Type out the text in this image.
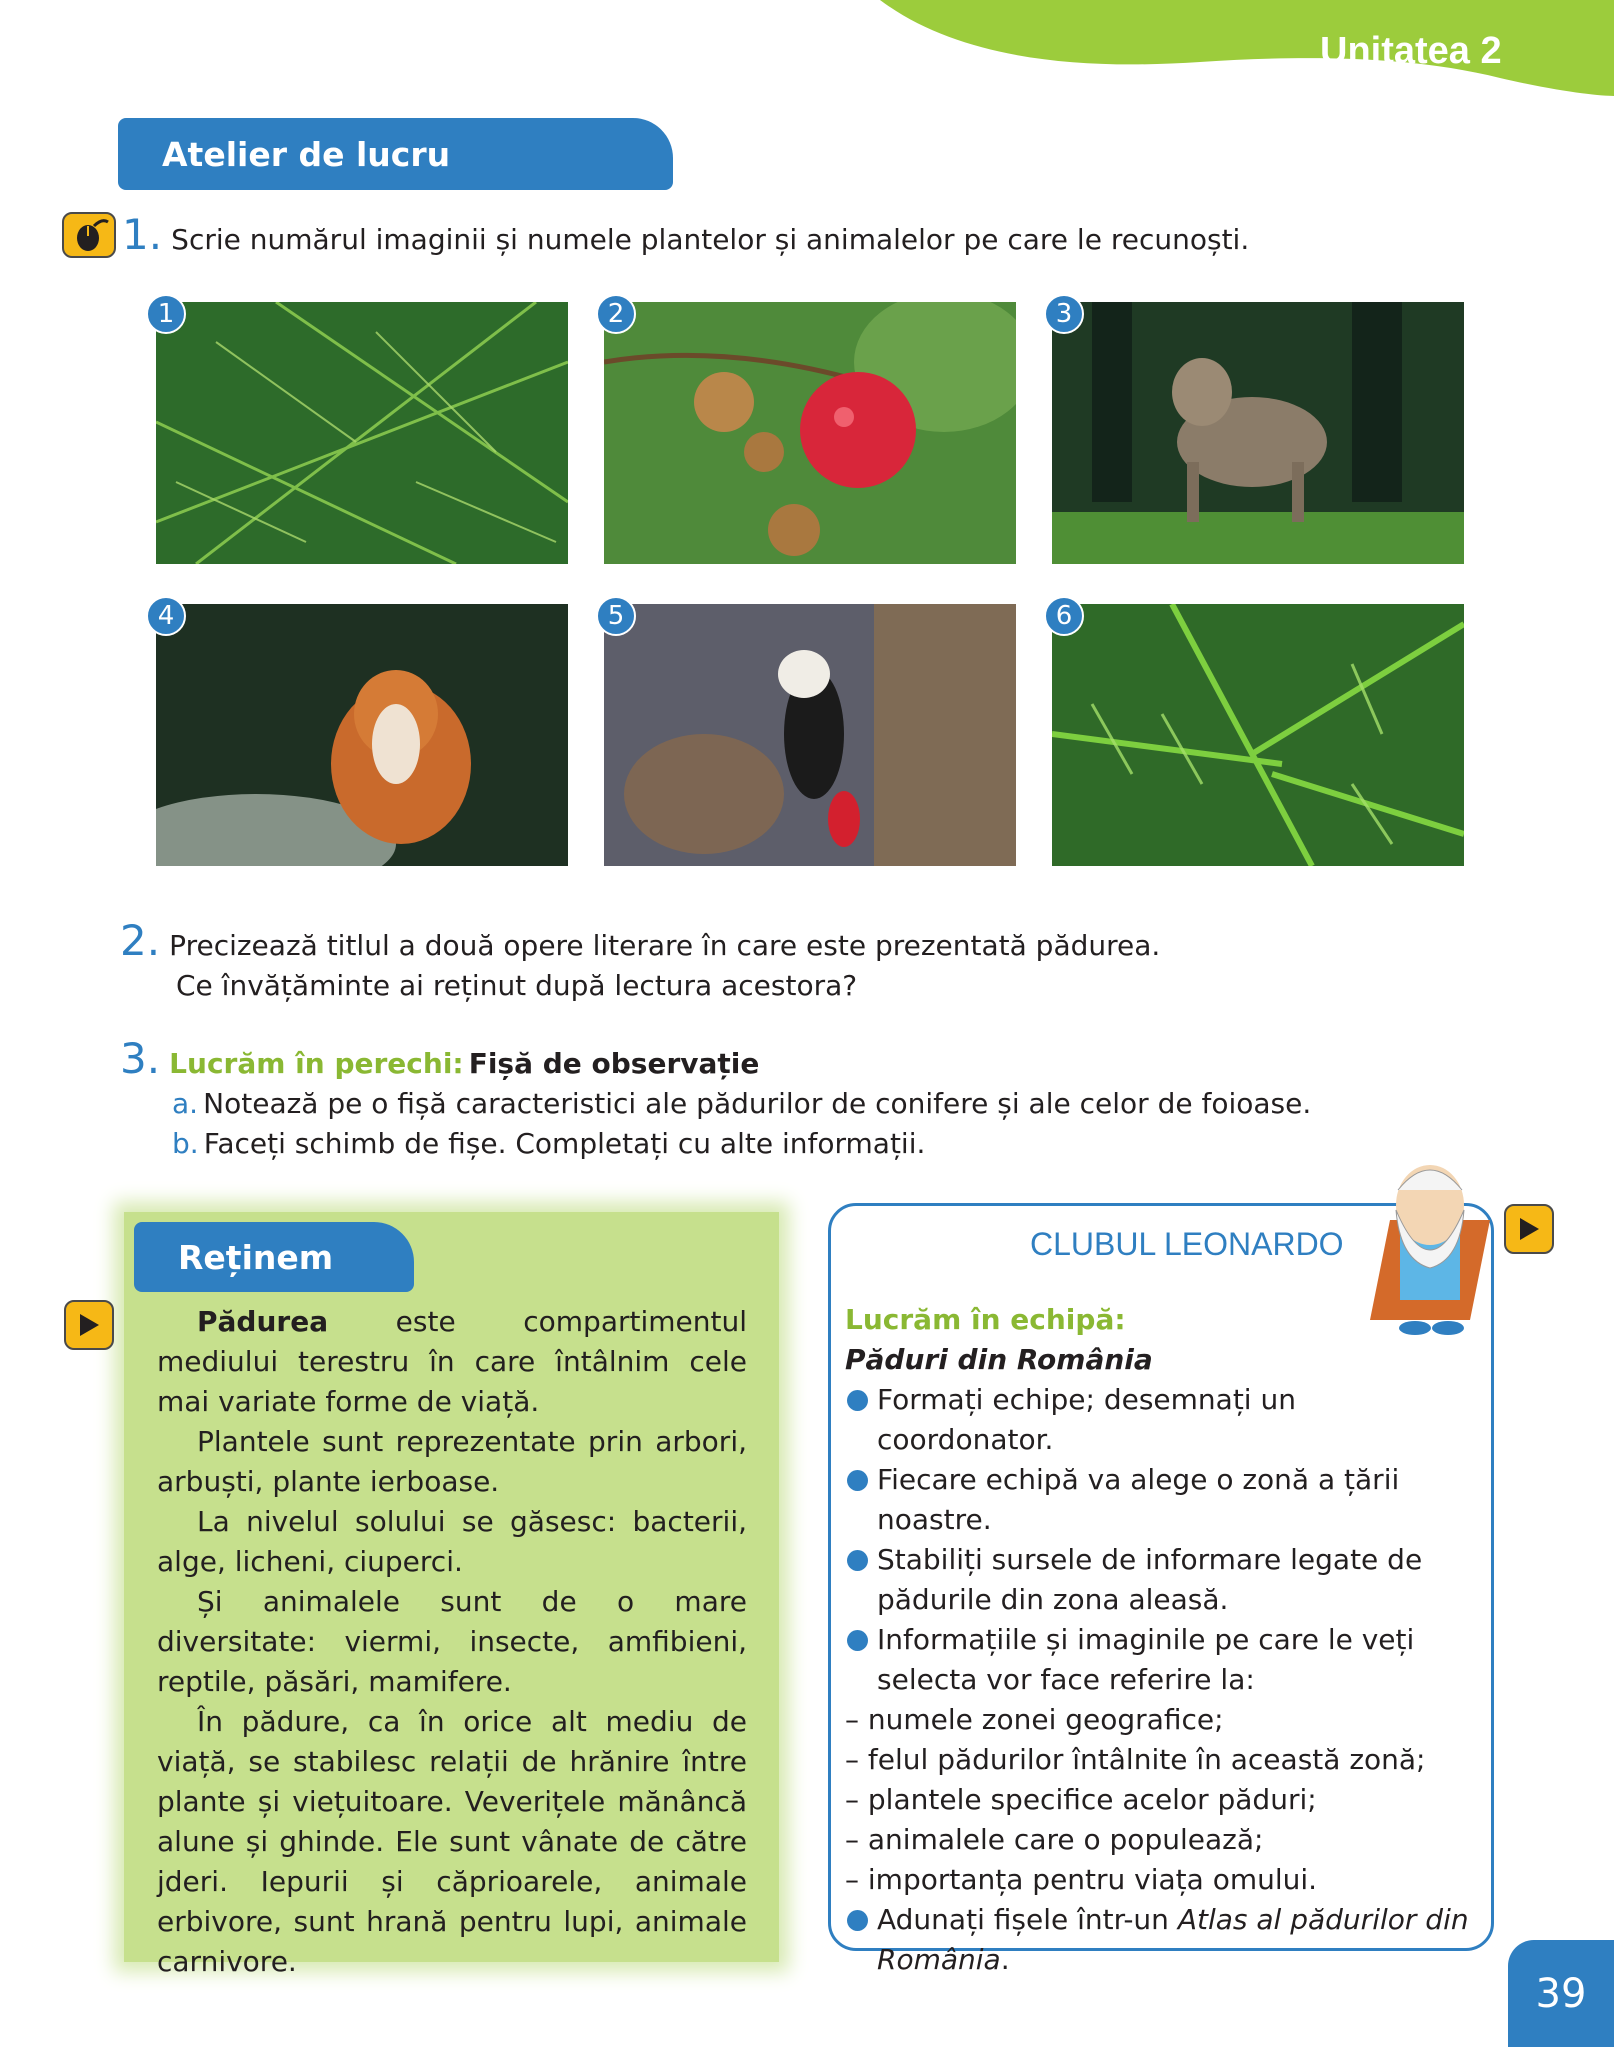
Unitatea 2
Atelier de lucru
1. Scrie numărul imaginii și numele plantelor și animalelor pe care le recunoști.
1	2	3
4	5	6
2. Precizează titlul a două opere literare în care este prezentată pădurea.
Ce învățăminte ai reținut după lectura acestora?
3. Lucrăm în perechi: Fișă de observație
a. Notează pe o fișă caracteristici ale pădurilor de conifere și ale celor de foioase.
b. Faceți schimb de fișe. Completați cu alte informații.
Reținem

Pădurea este compartimentul mediului terestru în care întâlnim cele mai variate forme de viață.

Plantele sunt reprezentate prin arbori, arbuști, plante ierboase.

La nivelul solului se găsesc: bacterii, alge, licheni, ciuperci.

Și animalele sunt de o mare diversitate: viermi, insecte, amfibieni, reptile, păsări, mamifere.

În pădure, ca în orice alt mediu de viață, se stabilesc relații de hrănire între plante și viețuitoare. Veverițele mănâncă alune și ghinde. Ele sunt vânate de către jderi. Iepurii și căprioarele, animale erbivore, sunt hrană pentru lupi, animale carnivore.

CLUBUL LEONARDO
Lucrăm în echipă:
Păduri din România
Formați echipe; desemnați un coordonator.
Fiecare echipă va alege o zonă a țării noastre.
Stabiliți sursele de informare legate de pădurile din zona aleasă.
Informațiile și imaginile pe care le veți selecta vor face referire la:
– numele zonei geografice;
– felul pădurilor întâlnite în această zonă;
– plantele specifice acelor păduri;
– animalele care o populează;
– importanța pentru viața omului.
Adunați fișele într-un Atlas al pădurilor din România.
39
